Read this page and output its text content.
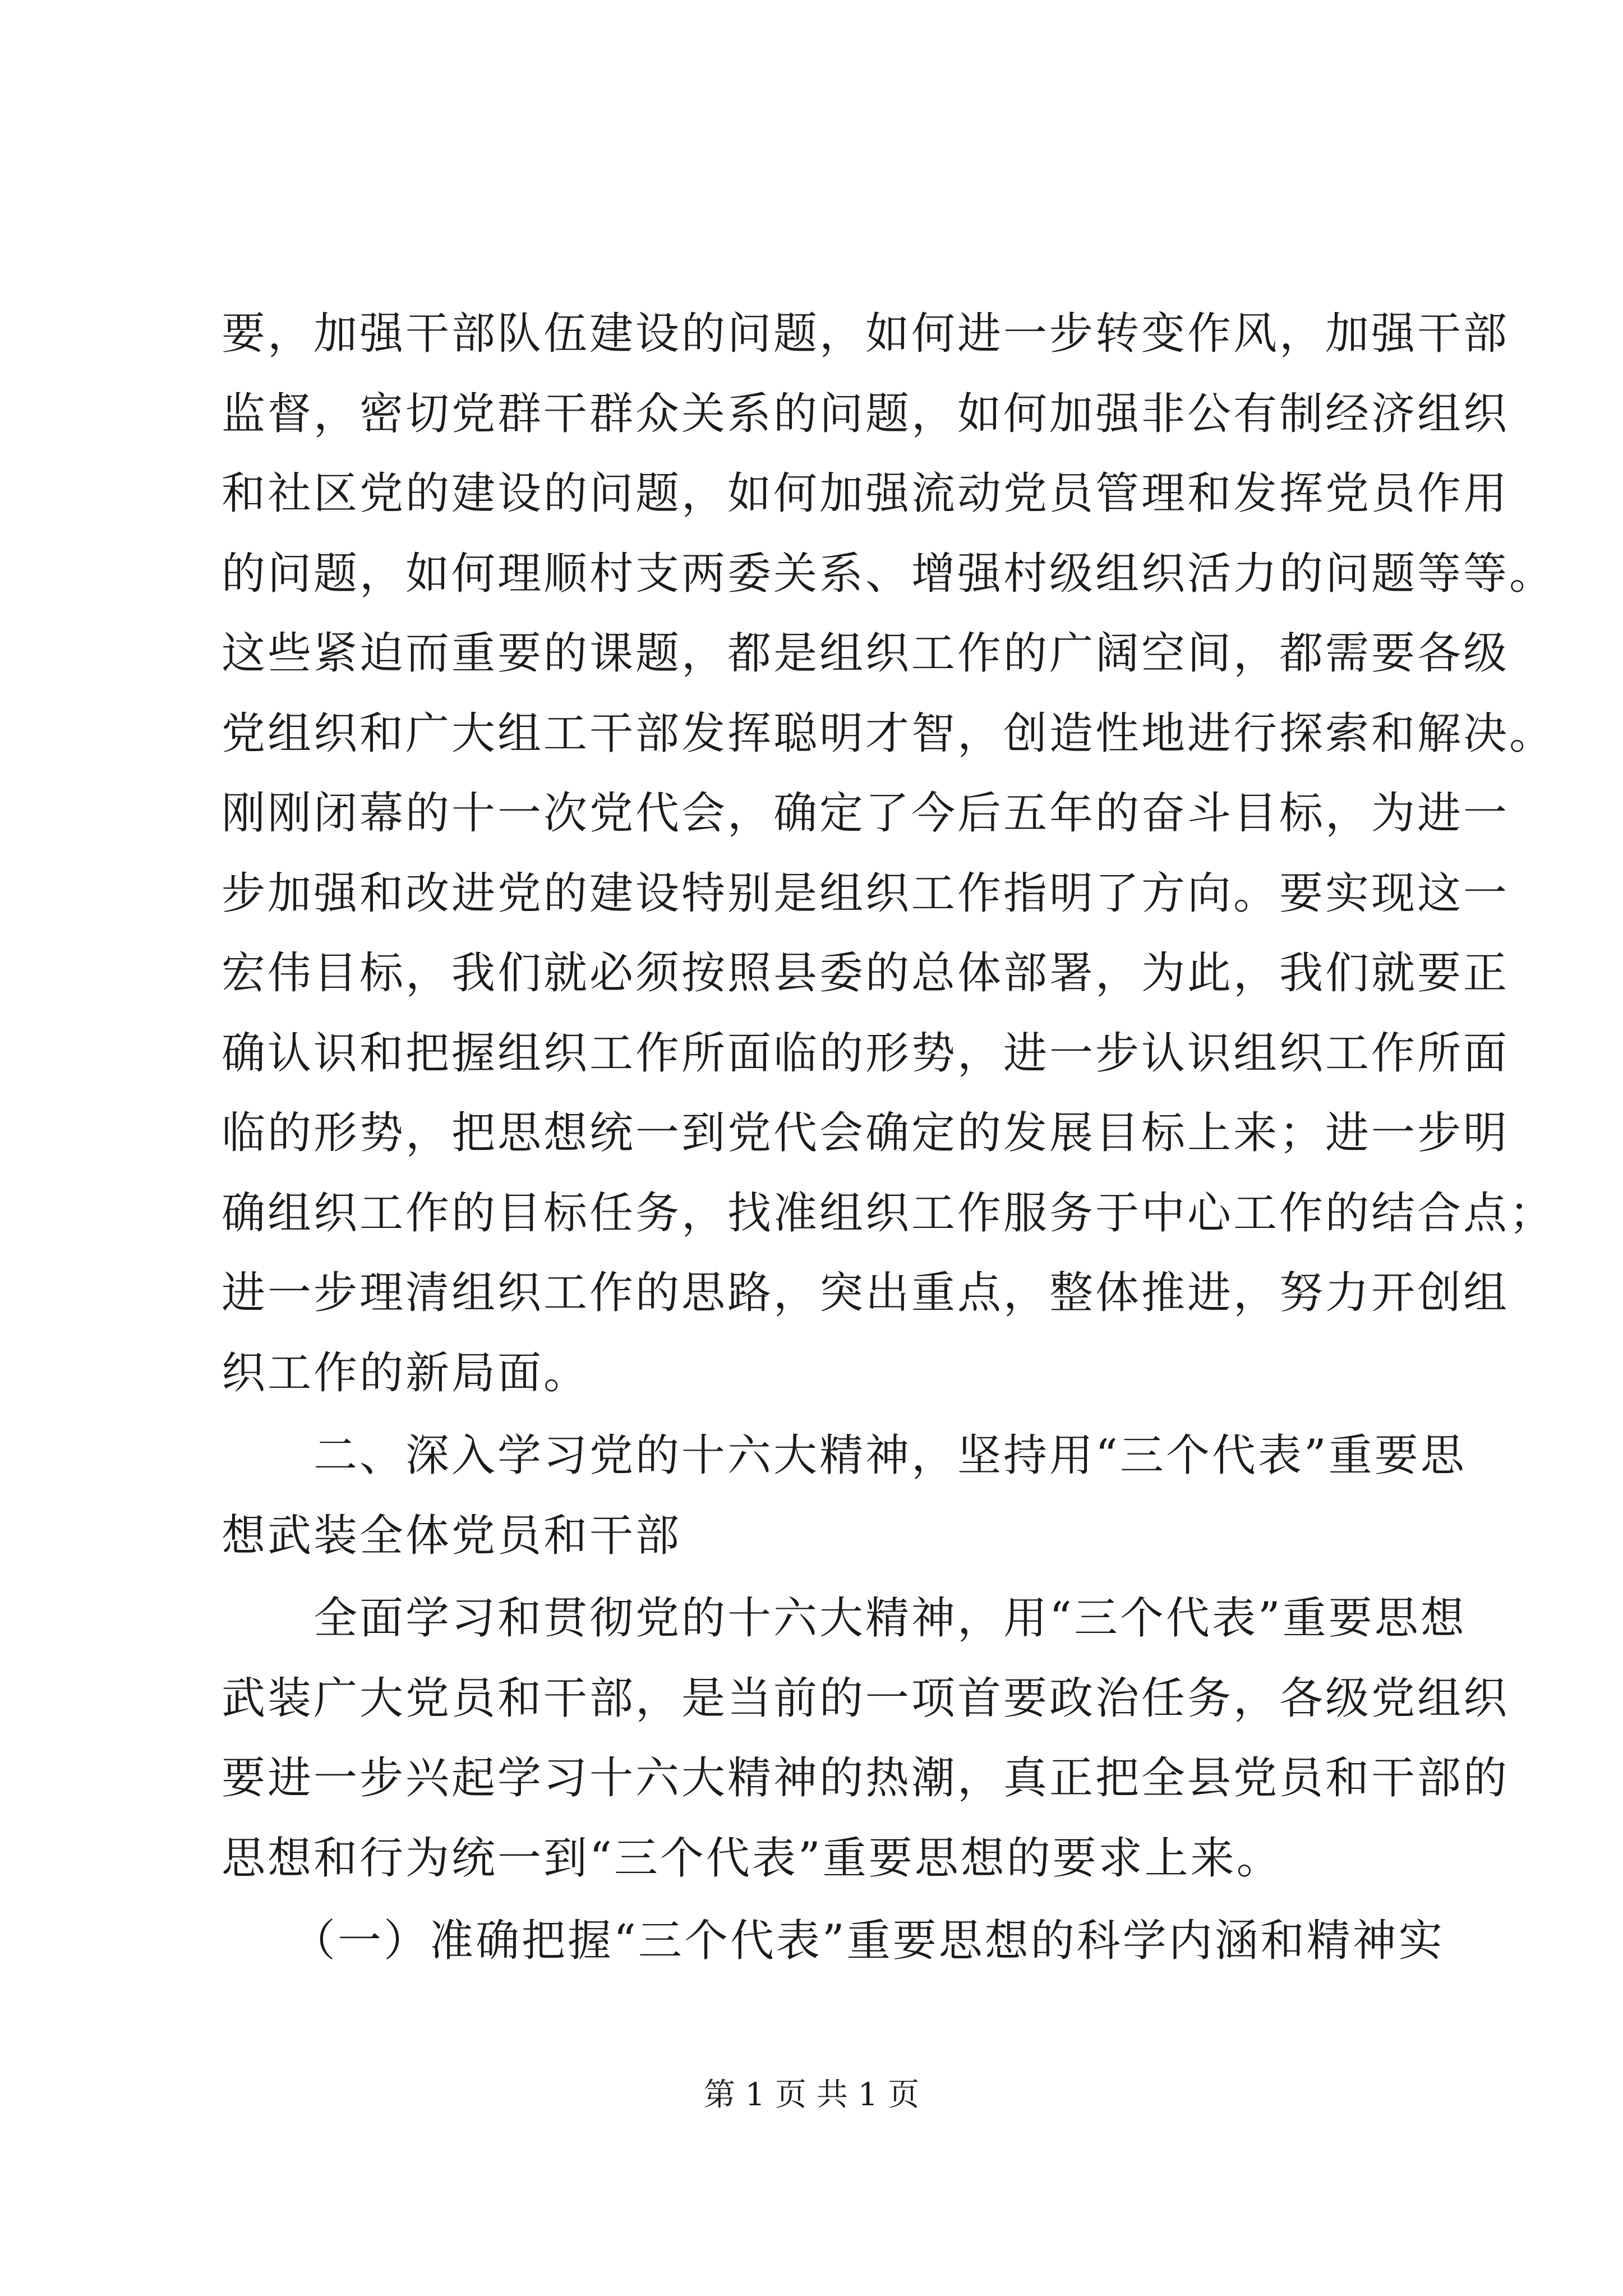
要，加强干部队伍建设的问题，如何进一步转变作风，加强干部
监督，密切党群干群众关系的问题，如何加强非公有制经济组织
和社区党的建设的问题，如何加强流动党员管理和发挥党员作用
的问题，如何理顺村支两委关系、增强村级组织活力的问题等等。
这些紧迫而重要的课题，都是组织工作的广阔空间，都需要各级
党组织和广大组工干部发挥聪明才智，创造性地进行探索和解决。
刚刚闭幕的十一次党代会，确定了今后五年的奋斗目标，为进一
步加强和改进党的建设特别是组织工作指明了方向。要实现这一
宏伟目标，我们就必须按照县委的总体部署，为此，我们就要正
确认识和把握组织工作所面临的形势，进一步认识组织工作所面
临的形势，把思想统一到党代会确定的发展目标上来；进一步明
确组织工作的目标任务，找准组织工作服务于中心工作的结合点；
进一步理清组织工作的思路，突出重点，整体推进，努力开创组
织工作的新局面。
　　二、深入学习党的十六大精神，坚持用“三个代表”重要思
想武装全体党员和干部
　　全面学习和贯彻党的十六大精神，用“三个代表”重要思想
武装广大党员和干部，是当前的一项首要政治任务，各级党组织
要进一步兴起学习十六大精神的热潮，真正把全县党员和干部的
思想和行为统一到“三个代表”重要思想的要求上来。
　　（一）准确把握“三个代表”重要思想的科学内涵和精神实
第 1 页 共 1 页
